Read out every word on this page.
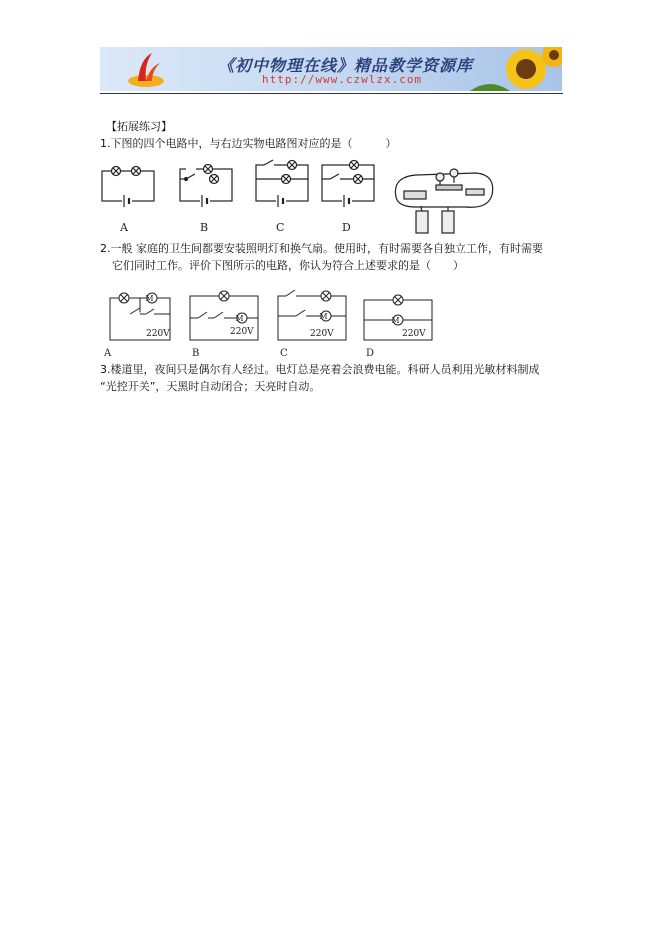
《初中物理在线》精品教学资源库
http://www.czwlzx.com
【拓展练习】
1.下图的四个电路中，与右边实物电路图对应的是（　　　）
A	B	C	D
2.一般 家庭的卫生间都要安装照明灯和换气扇。使用时，有时需要各自独立工作，有时需要
它们同时工作。评价下图所示的电路，你认为符合上述要求的是（　　）
M
M	M	M
220V	220V	220V	220V
A	B	C	D
3.楼道里，夜间只是偶尔有人经过。电灯总是亮着会浪费电能。科研人员利用光敏材料制成
“光控开关”，天黑时自动闭合；天亮时自动。
